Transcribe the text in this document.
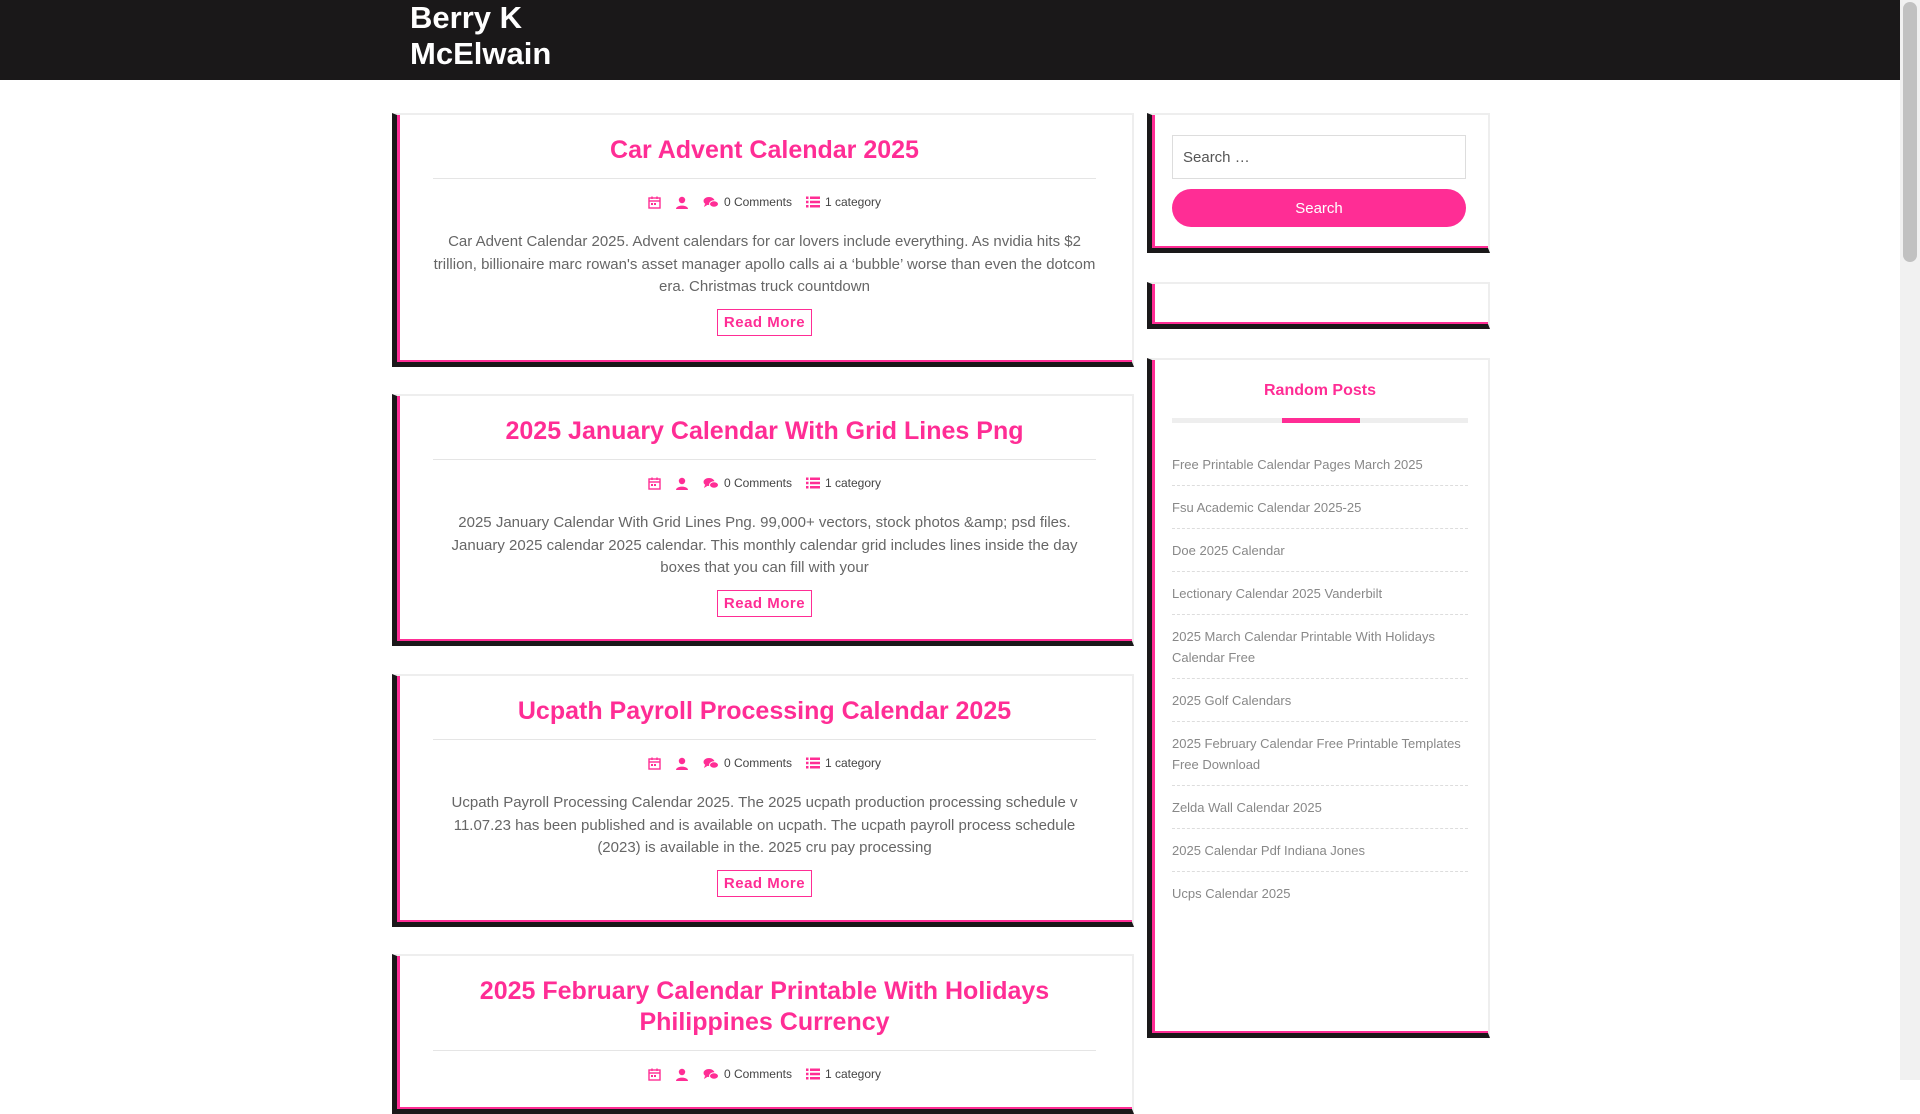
Berry K McElwain
Car Advent Calendar 2025
0 Comments	1 category

Car Advent Calendar 2025. Advent calendars for car lovers include everything. As nvidia hits $2 trillion, billionaire marc rowan's asset manager apollo calls ai a ‘bubble’ worse than even the dotcom era. Christmas truck countdown

Read More
2025 January Calendar With Grid Lines Png
0 Comments	1 category

2025 January Calendar With Grid Lines Png. 99,000+ vectors, stock photos &amp; psd files. January 2025 calendar 2025 calendar. This monthly calendar grid includes lines inside the day boxes that you can fill with your

Read More
Ucpath Payroll Processing Calendar 2025
0 Comments	1 category

Ucpath Payroll Processing Calendar 2025. The 2025 ucpath production processing schedule v 11.07.23 has been published and is available on ucpath. The ucpath payroll process schedule (2023) is available in the. 2025 cru pay processing

Read More
2025 February Calendar Printable With Holidays Philippines Currency
0 Comments	1 category
Search …
Search
Random Posts
Free Printable Calendar Pages March 2025
Fsu Academic Calendar 2025-25
Doe 2025 Calendar
Lectionary Calendar 2025 Vanderbilt
2025 March Calendar Printable With Holidays Calendar Free
2025 Golf Calendars
2025 February Calendar Free Printable Templates Free Download
Zelda Wall Calendar 2025
2025 Calendar Pdf Indiana Jones
Ucps Calendar 2025
